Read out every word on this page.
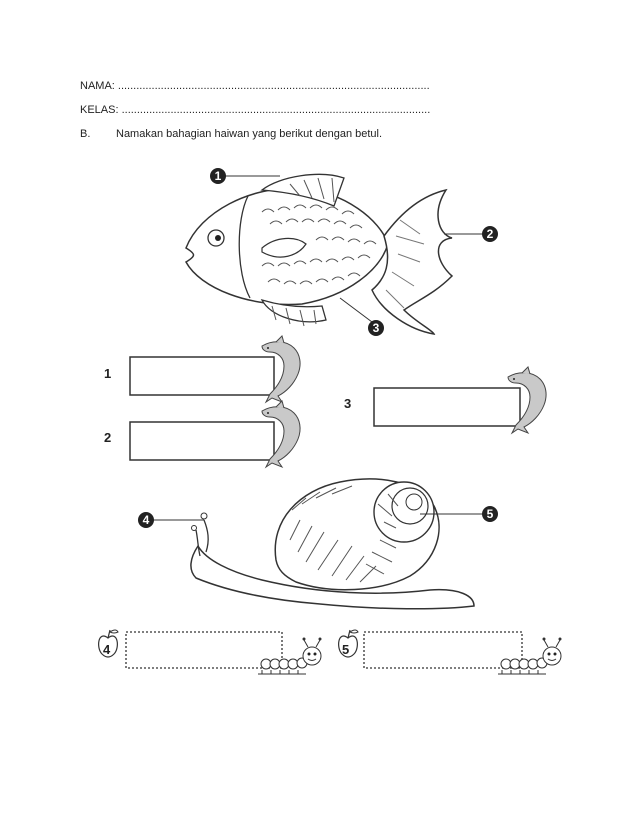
NAMA: ......................................................................................................
KELAS: .....................................................................................................
B. Namakan bahagian haiwan yang berikut dengan betul.
1
2
3
1
2
3
4	5
4	5
